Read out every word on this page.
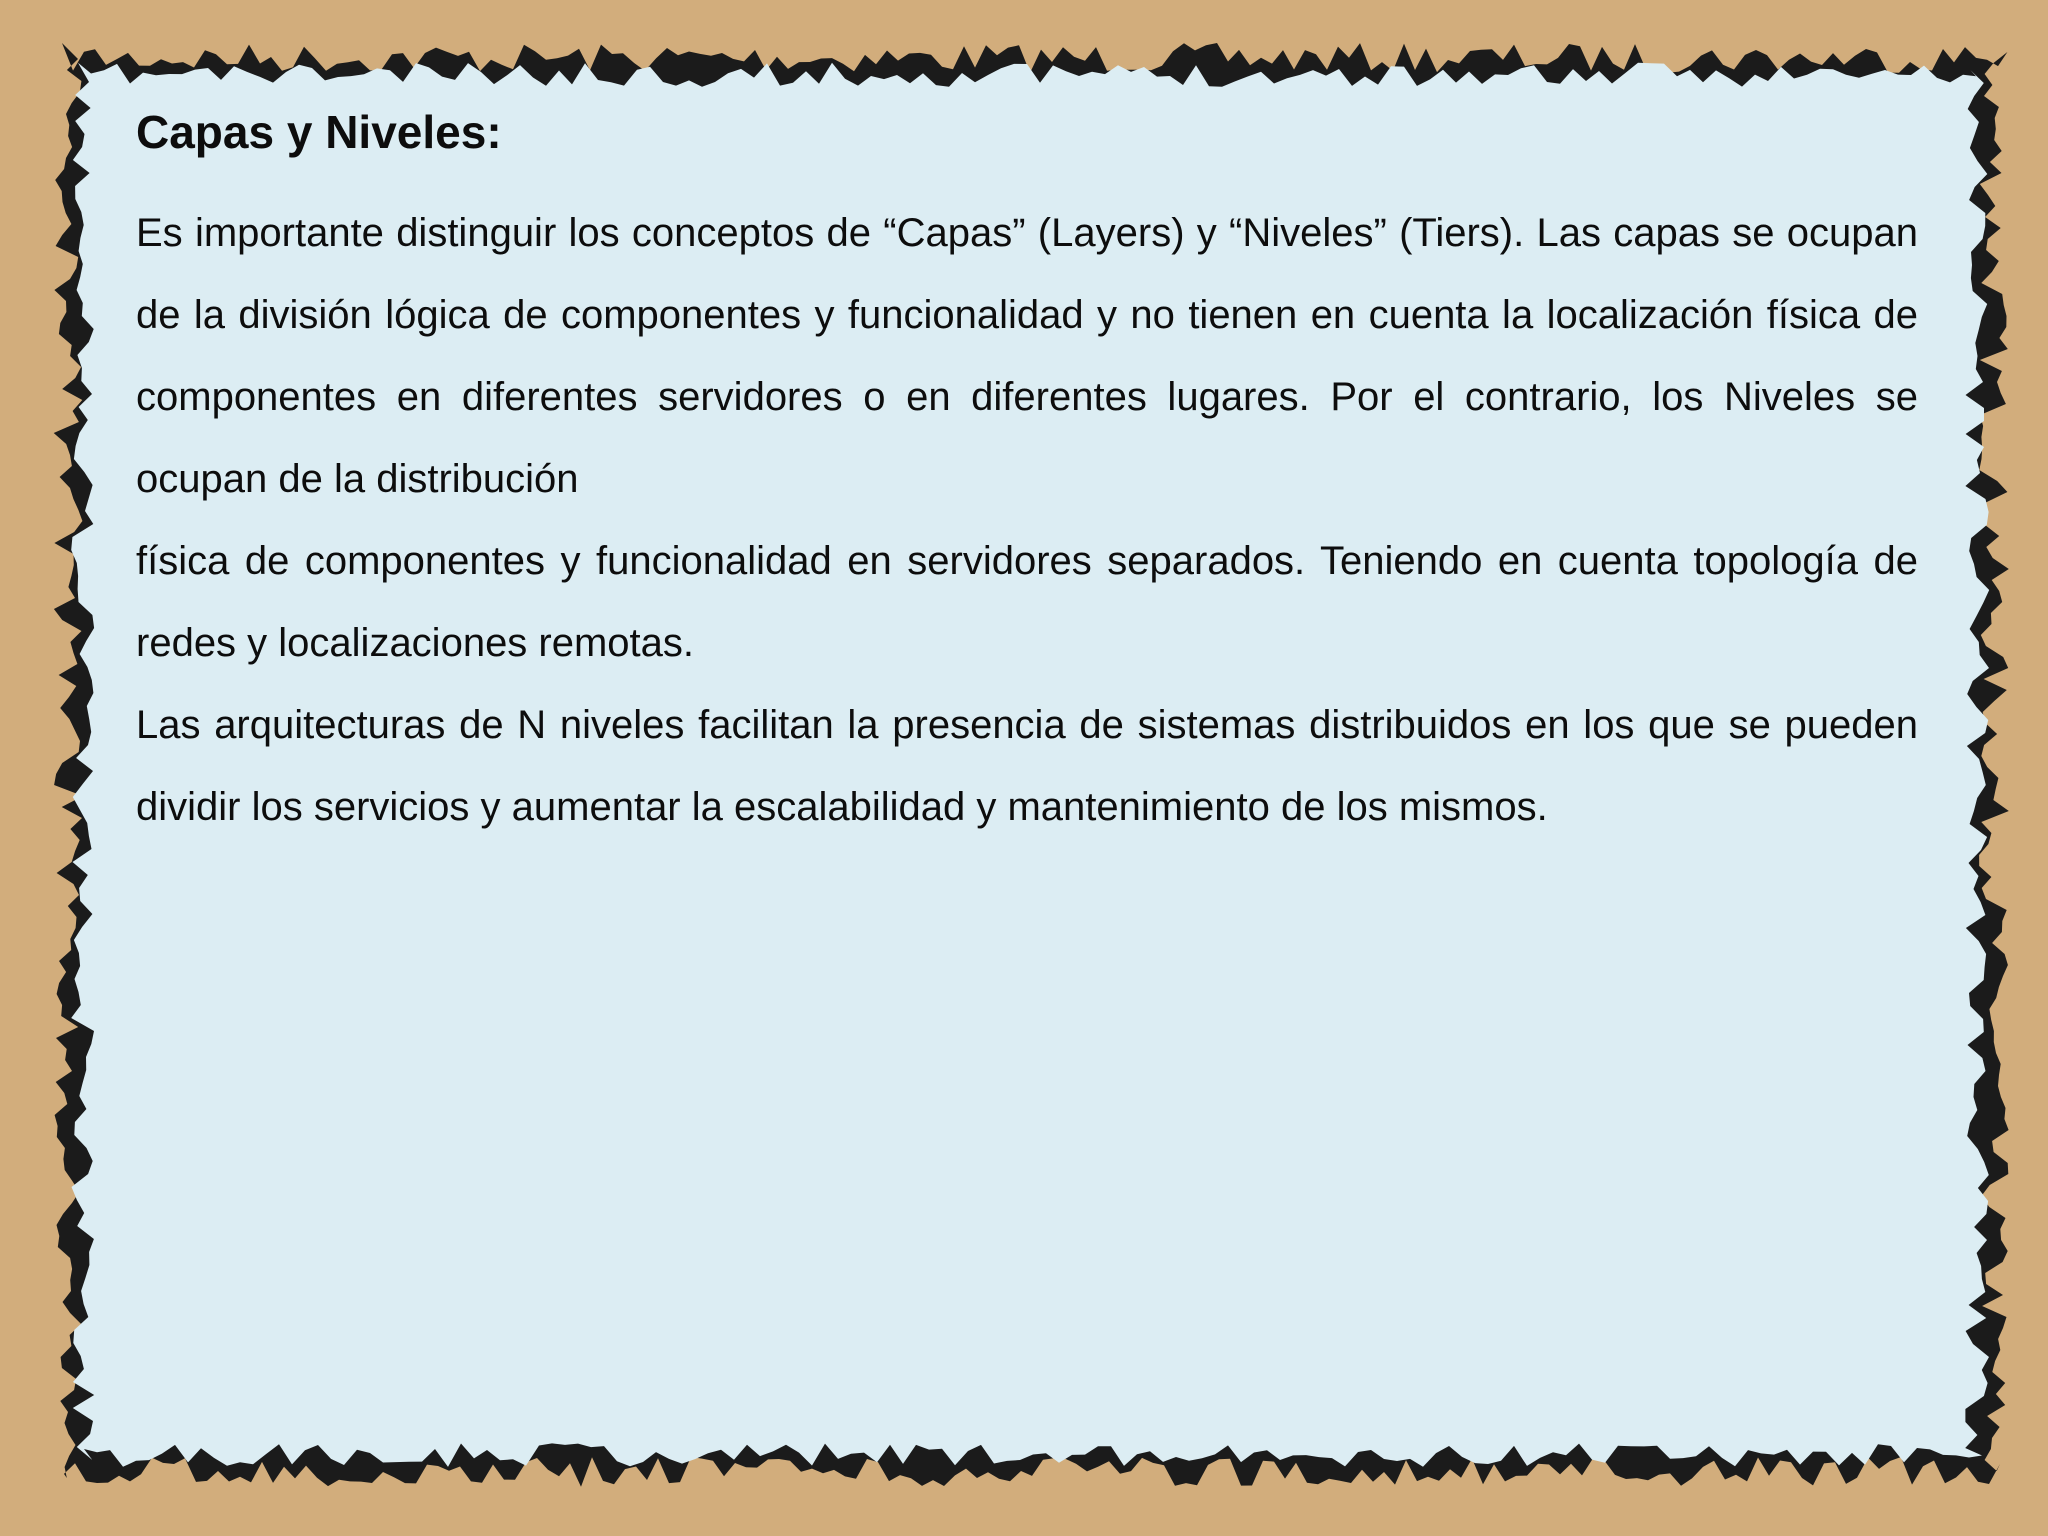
Capas y Niveles:

Es importante distinguir los conceptos de “Capas” (Layers) y “Niveles” (Tiers). Las capas se ocupan de la división lógica de componentes y funcionalidad y no tienen en cuenta la localización física de componentes en diferentes servidores o en diferentes lugares. Por el contrario, los Niveles se ocupan de la distribución

física de componentes y funcionalidad en servidores separados. Teniendo en cuenta topología de redes y localizaciones remotas.

Las arquitecturas de N niveles facilitan la presencia de sistemas distribuidos en los que se pueden dividir los servicios y aumentar la escalabilidad y mantenimiento de los mismos.
